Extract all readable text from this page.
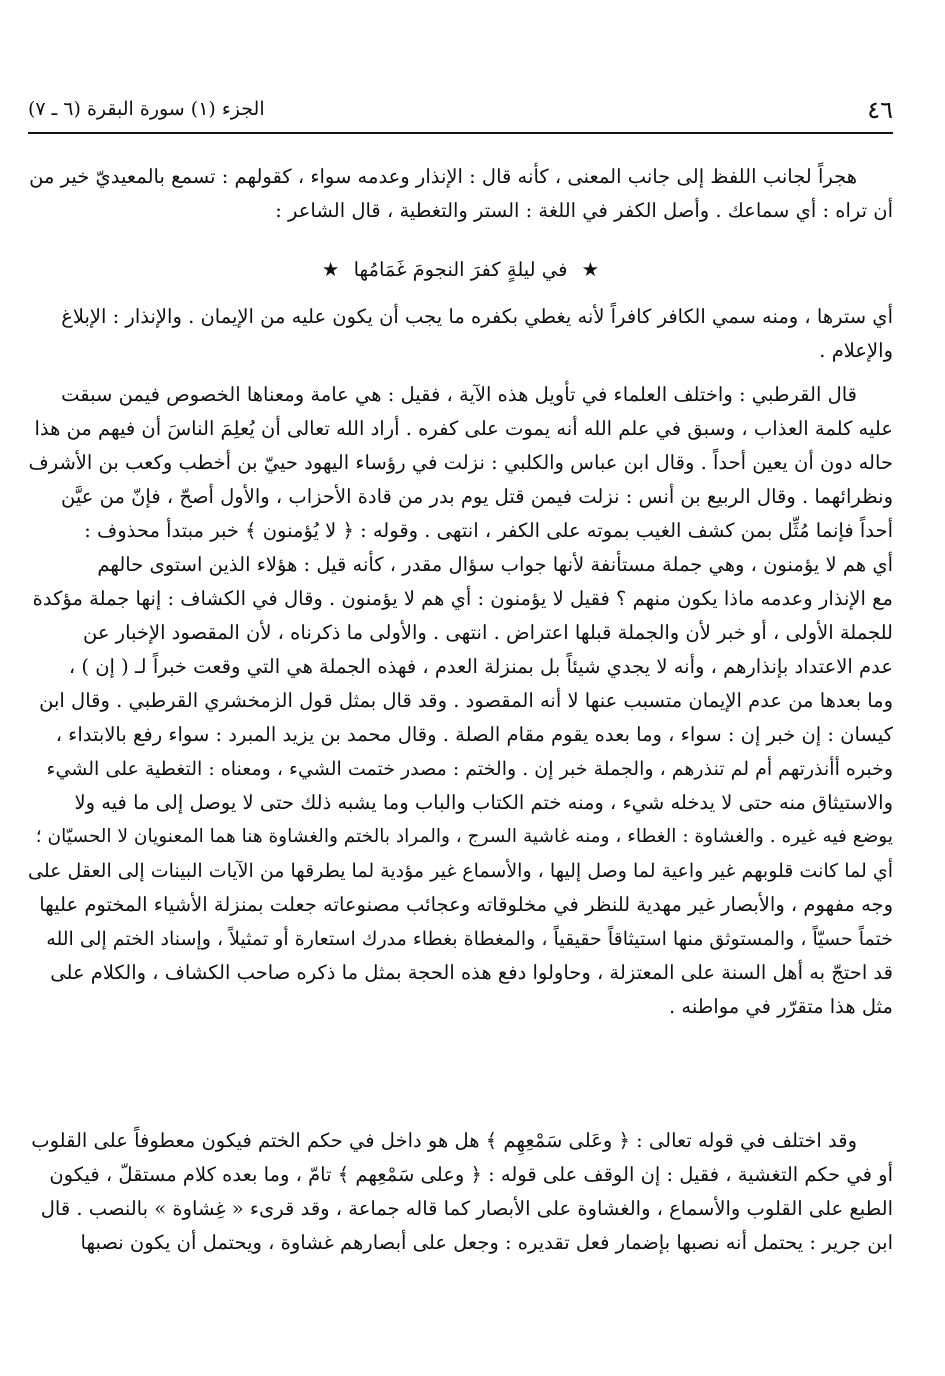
٤٦
الجزء (١) سورة البقرة (٦ ـ ٧)
هجراً لجانب اللفظ إلى جانب المعنى ، كأنه قال : الإنذار وعدمه سواء ، كقولهم : تسمع بالمعيديّ خير من
أن تراه : أي سماعك . وأصل الكفر في اللغة : الستر والتغطية ، قال الشاعر :
★ في ليلةٍ كفرَ النجومَ غَمَامُها ★
أي سترها ، ومنه سمي الكافر كافراً لأنه يغطي بكفره ما يجب أن يكون عليه من الإيمان . والإنذار : الإبلاغ
والإعلام .
قال القرطبي : واختلف العلماء في تأويل هذه الآية ، فقيل : هي عامة ومعناها الخصوص فيمن سبقت
عليه كلمة العذاب ، وسبق في علم الله أنه يموت على كفره . أراد الله تعالى أن يُعلِمَ الناسَ أن فيهم من هذا
حاله دون أن يعين أحداً . وقال ابن عباس والكلبي : نزلت في رؤساء اليهود حييّ بن أخطب وكعب بن الأشرف
ونظرائهما . وقال الربيع بن أنس : نزلت فيمن قتل يوم بدر من قادة الأحزاب ، والأول أصحّ ، فإنّ من عيَّن
أحداً فإنما مُثِّل بمن كشف الغيب بموته على الكفر ، انتهى . وقوله : ﴿ لا يُؤمنون ﴾ خبر مبتدأ محذوف :
أي هم لا يؤمنون ، وهي جملة مستأنفة لأنها جواب سؤال مقدر ، كأنه قيل : هؤلاء الذين استوى حالهم
مع الإنذار وعدمه ماذا يكون منهم ؟ فقيل لا يؤمنون : أي هم لا يؤمنون . وقال في الكشاف : إنها جملة مؤكدة
للجملة الأولى ، أو خبر لأن والجملة قبلها اعتراض . انتهى . والأولى ما ذكرناه ، لأن المقصود الإخبار عن
عدم الاعتداد بإنذارهم ، وأنه لا يجدي شيئاً بل بمنزلة العدم ، فهذه الجملة هي التي وقعت خبراً لـ ( إن ) ،
وما بعدها من عدم الإيمان متسبب عنها لا أنه المقصود . وقد قال بمثل قول الزمخشري القرطبي . وقال ابن
كيسان : إن خبر إن : سواء ، وما بعده يقوم مقام الصلة . وقال محمد بن يزيد المبرد : سواء رفع بالابتداء ،
وخبره أأنذرتهم أم لم تنذرهم ، والجملة خبر إن . والختم : مصدر ختمت الشيء ، ومعناه : التغطية على الشيء
والاستيثاق منه حتى لا يدخله شيء ، ومنه ختم الكتاب والباب وما يشبه ذلك حتى لا يوصل إلى ما فيه ولا
يوضع فيه غيره . والغشاوة : الغطاء ، ومنه غاشية السرج ، والمراد بالختم والغشاوة هنا هما المعنويان لا الحسيّان ؛
أي لما كانت قلوبهم غير واعية لما وصل إليها ، والأسماع غير مؤدية لما يطرقها من الآيات البينات إلى العقل على
وجه مفهوم ، والأبصار غير مهدية للنظر في مخلوقاته وعجائب مصنوعاته جعلت بمنزلة الأشياء المختوم عليها
ختماً حسيّاً ، والمستوثق منها استيثاقاً حقيقياً ، والمغطاة بغطاء مدرك استعارة أو تمثيلاً ، وإسناد الختم إلى الله
قد احتجّ به أهل السنة على المعتزلة ، وحاولوا دفع هذه الحجة بمثل ما ذكره صاحب الكشاف ، والكلام على
مثل هذا متقرّر في مواطنه .
وقد اختلف في قوله تعالى : ﴿ وعَلى سَمْعِهِم ﴾ هل هو داخل في حكم الختم فيكون معطوفاً على القلوب
أو في حكم التغشية ، فقيل : إن الوقف على قوله : ﴿ وعلى سَمْعِهم ﴾ تامّ ، وما بعده كلام مستقلّ ، فيكون
الطبع على القلوب والأسماع ، والغشاوة على الأبصار كما قاله جماعة ، وقد قرىء « غِشاوة » بالنصب . قال
ابن جرير : يحتمل أنه نصبها بإضمار فعل تقديره : وجعل على أبصارهم غشاوة ، ويحتمل أن يكون نصبها
